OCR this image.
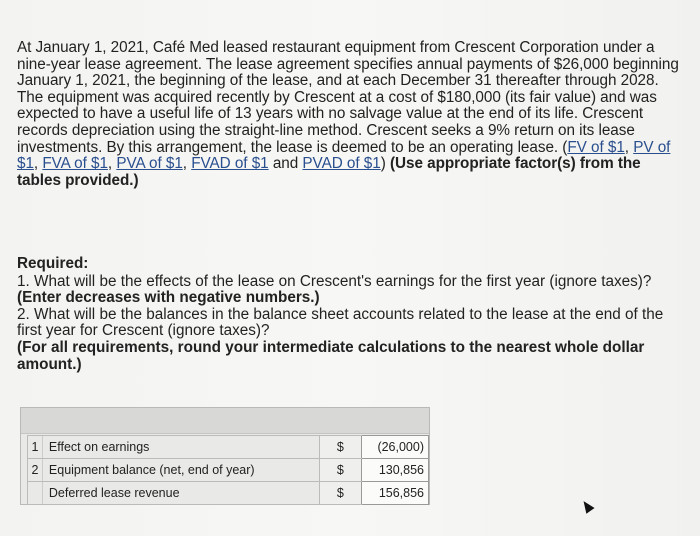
At January 1, 2021, Café Med leased restaurant equipment from Crescent Corporation under a nine-year lease agreement. The lease agreement specifies annual payments of $26,000 beginning January 1, 2021, the beginning of the lease, and at each December 31 thereafter through 2028. The equipment was acquired recently by Crescent at a cost of $180,000 (its fair value) and was expected to have a useful life of 13 years with no salvage value at the end of its life. Crescent records depreciation using the straight-line method. Crescent seeks a 9% return on its lease investments. By this arrangement, the lease is deemed to be an operating lease. (FV of $1, PV of $1, FVA of $1, PVA of $1, FVAD of $1 and PVAD of $1) (Use appropriate factor(s) from the tables provided.)

Required:

1. What will be the effects of the lease on Crescent's earnings for the first year (ignore taxes)? (Enter decreases with negative numbers.)

2. What will be the balances in the balance sheet accounts related to the lease at the end of the first year for Crescent (ignore taxes)?

(For all requirements, round your intermediate calculations to the nearest whole dollar amount.)

1	Effect on earnings	$	(26,000)
2	Equipment balance (net, end of year)	$	130,856
	Deferred lease revenue	$	156,856
